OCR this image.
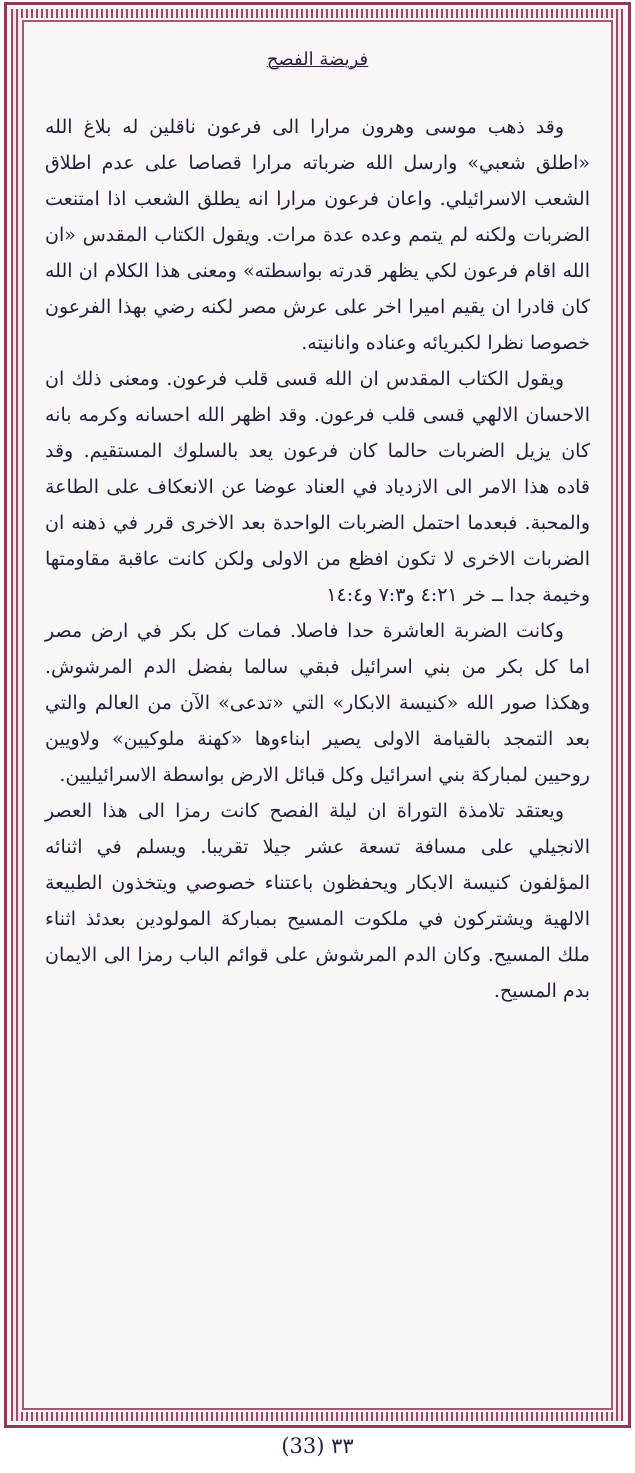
فريضة الفصح

وقد ذهب موسى وهرون مرارا الى فرعون ناقلين له بلاغ الله «اطلق شعبي» وارسل الله ضرباته مرارا قصاصا على عدم اطلاق الشعب الاسرائيلي. واعان فرعون مرارا انه يطلق الشعب اذا امتنعت الضربات ولكنه لم يتمم وعده عدة مرات. ويقول الكتاب المقدس «ان الله اقام فرعون لكي يظهر قدرته بواسطته» ومعنى هذا الكلام ان الله كان قادرا ان يقيم اميرا اخر على عرش مصر لكنه رضي بهذا الفرعون خصوصا نظرا لكبريائه وعناده وانانيته.

ويقول الكتاب المقدس ان الله قسى قلب فرعون. ومعنى ذلك ان الاحسان الالهي قسى قلب فرعون. وقد اظهر الله احسانه وكرمه بانه كان يزيل الضربات حالما كان فرعون يعد بالسلوك المستقيم. وقد قاده هذا الامر الى الازدياد في العناد عوضا عن الانعكاف على الطاعة والمحبة. فبعدما احتمل الضربات الواحدة بعد الاخرى قرر في ذهنه ان الضربات الاخرى لا تكون افظع من الاولى ولكن كانت عاقبة مقاومتها وخيمة جدا ــ خر ٤:٢١ و٧:٣ و١٤:٤

وكانت الضربة العاشرة حدا فاصلا. فمات كل بكر في ارض مصر اما كل بكر من بني اسرائيل فبقي سالما بفضل الدم المرشوش. وهكذا صور الله «كنيسة الابكار» التي «تدعى» الآن من العالم والتي بعد التمجد بالقيامة الاولى يصير ابناءوها «كهنة ملوكيين» ولاويين روحيين لمباركة بني اسرائيل وكل قبائل الارض بواسطة الاسرائيليين.

ويعتقد تلامذة التوراة ان ليلة الفصح كانت رمزا الى هذا العصر الانجيلي على مسافة تسعة عشر جيلا تقريبا. ويسلم في اثنائه المؤلفون كنيسة الابكار ويحفظون باعتناء خصوصي ويتخذون الطبيعة الالهية ويشتركون في ملكوت المسيح بمباركة المولودين بعدئذ اثناء ملك المسيح. وكان الدم المرشوش على قوائم الباب رمزا الى الايمان بدم المسيح.

(33) ٣٣
